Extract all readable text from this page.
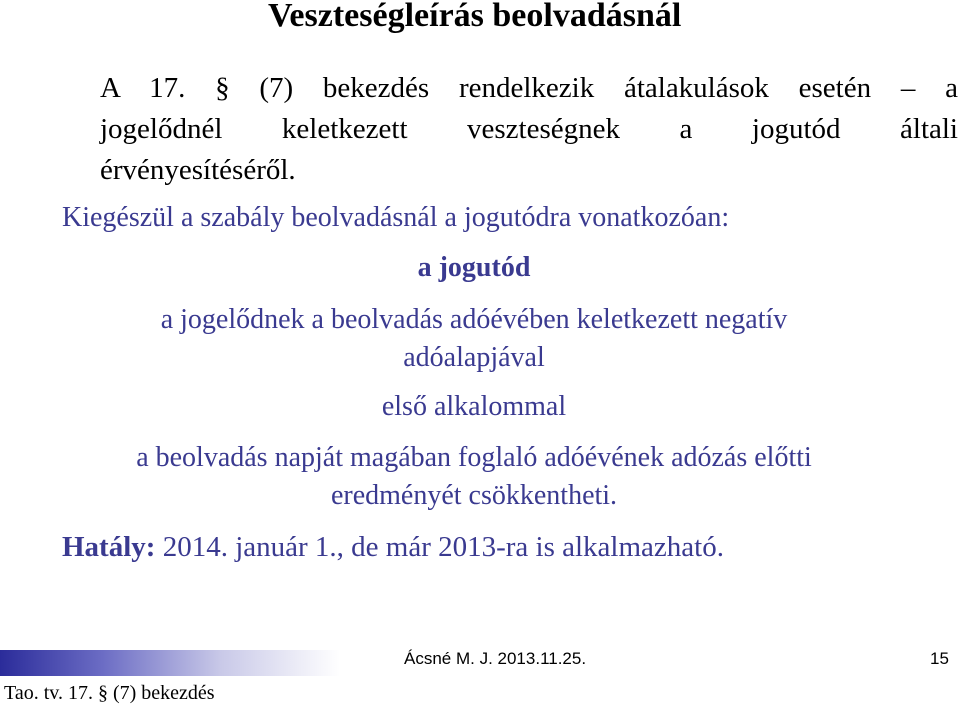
Veszteségleírás beolvadásnál
A 17. § (7) bekezdés rendelkezik átalakulások esetén – a
jogelődnél keletkezett veszteségnek a jogutód általi
érvényesítéséről.
Kiegészül a szabály beolvadásnál a jogutódra vonatkozóan:
a jogutód
a jogelődnek a beolvadás adóévében keletkezett negatív
adóalapjával
első alkalommal
a beolvadás napját magában foglaló adóévének adózás előtti
eredményét csökkentheti.
Hatály: 2014. január 1., de már 2013-ra is alkalmazható.
Ácsné M. J. 2013.11.25.	15
Tao. tv. 17. § (7) bekezdés
